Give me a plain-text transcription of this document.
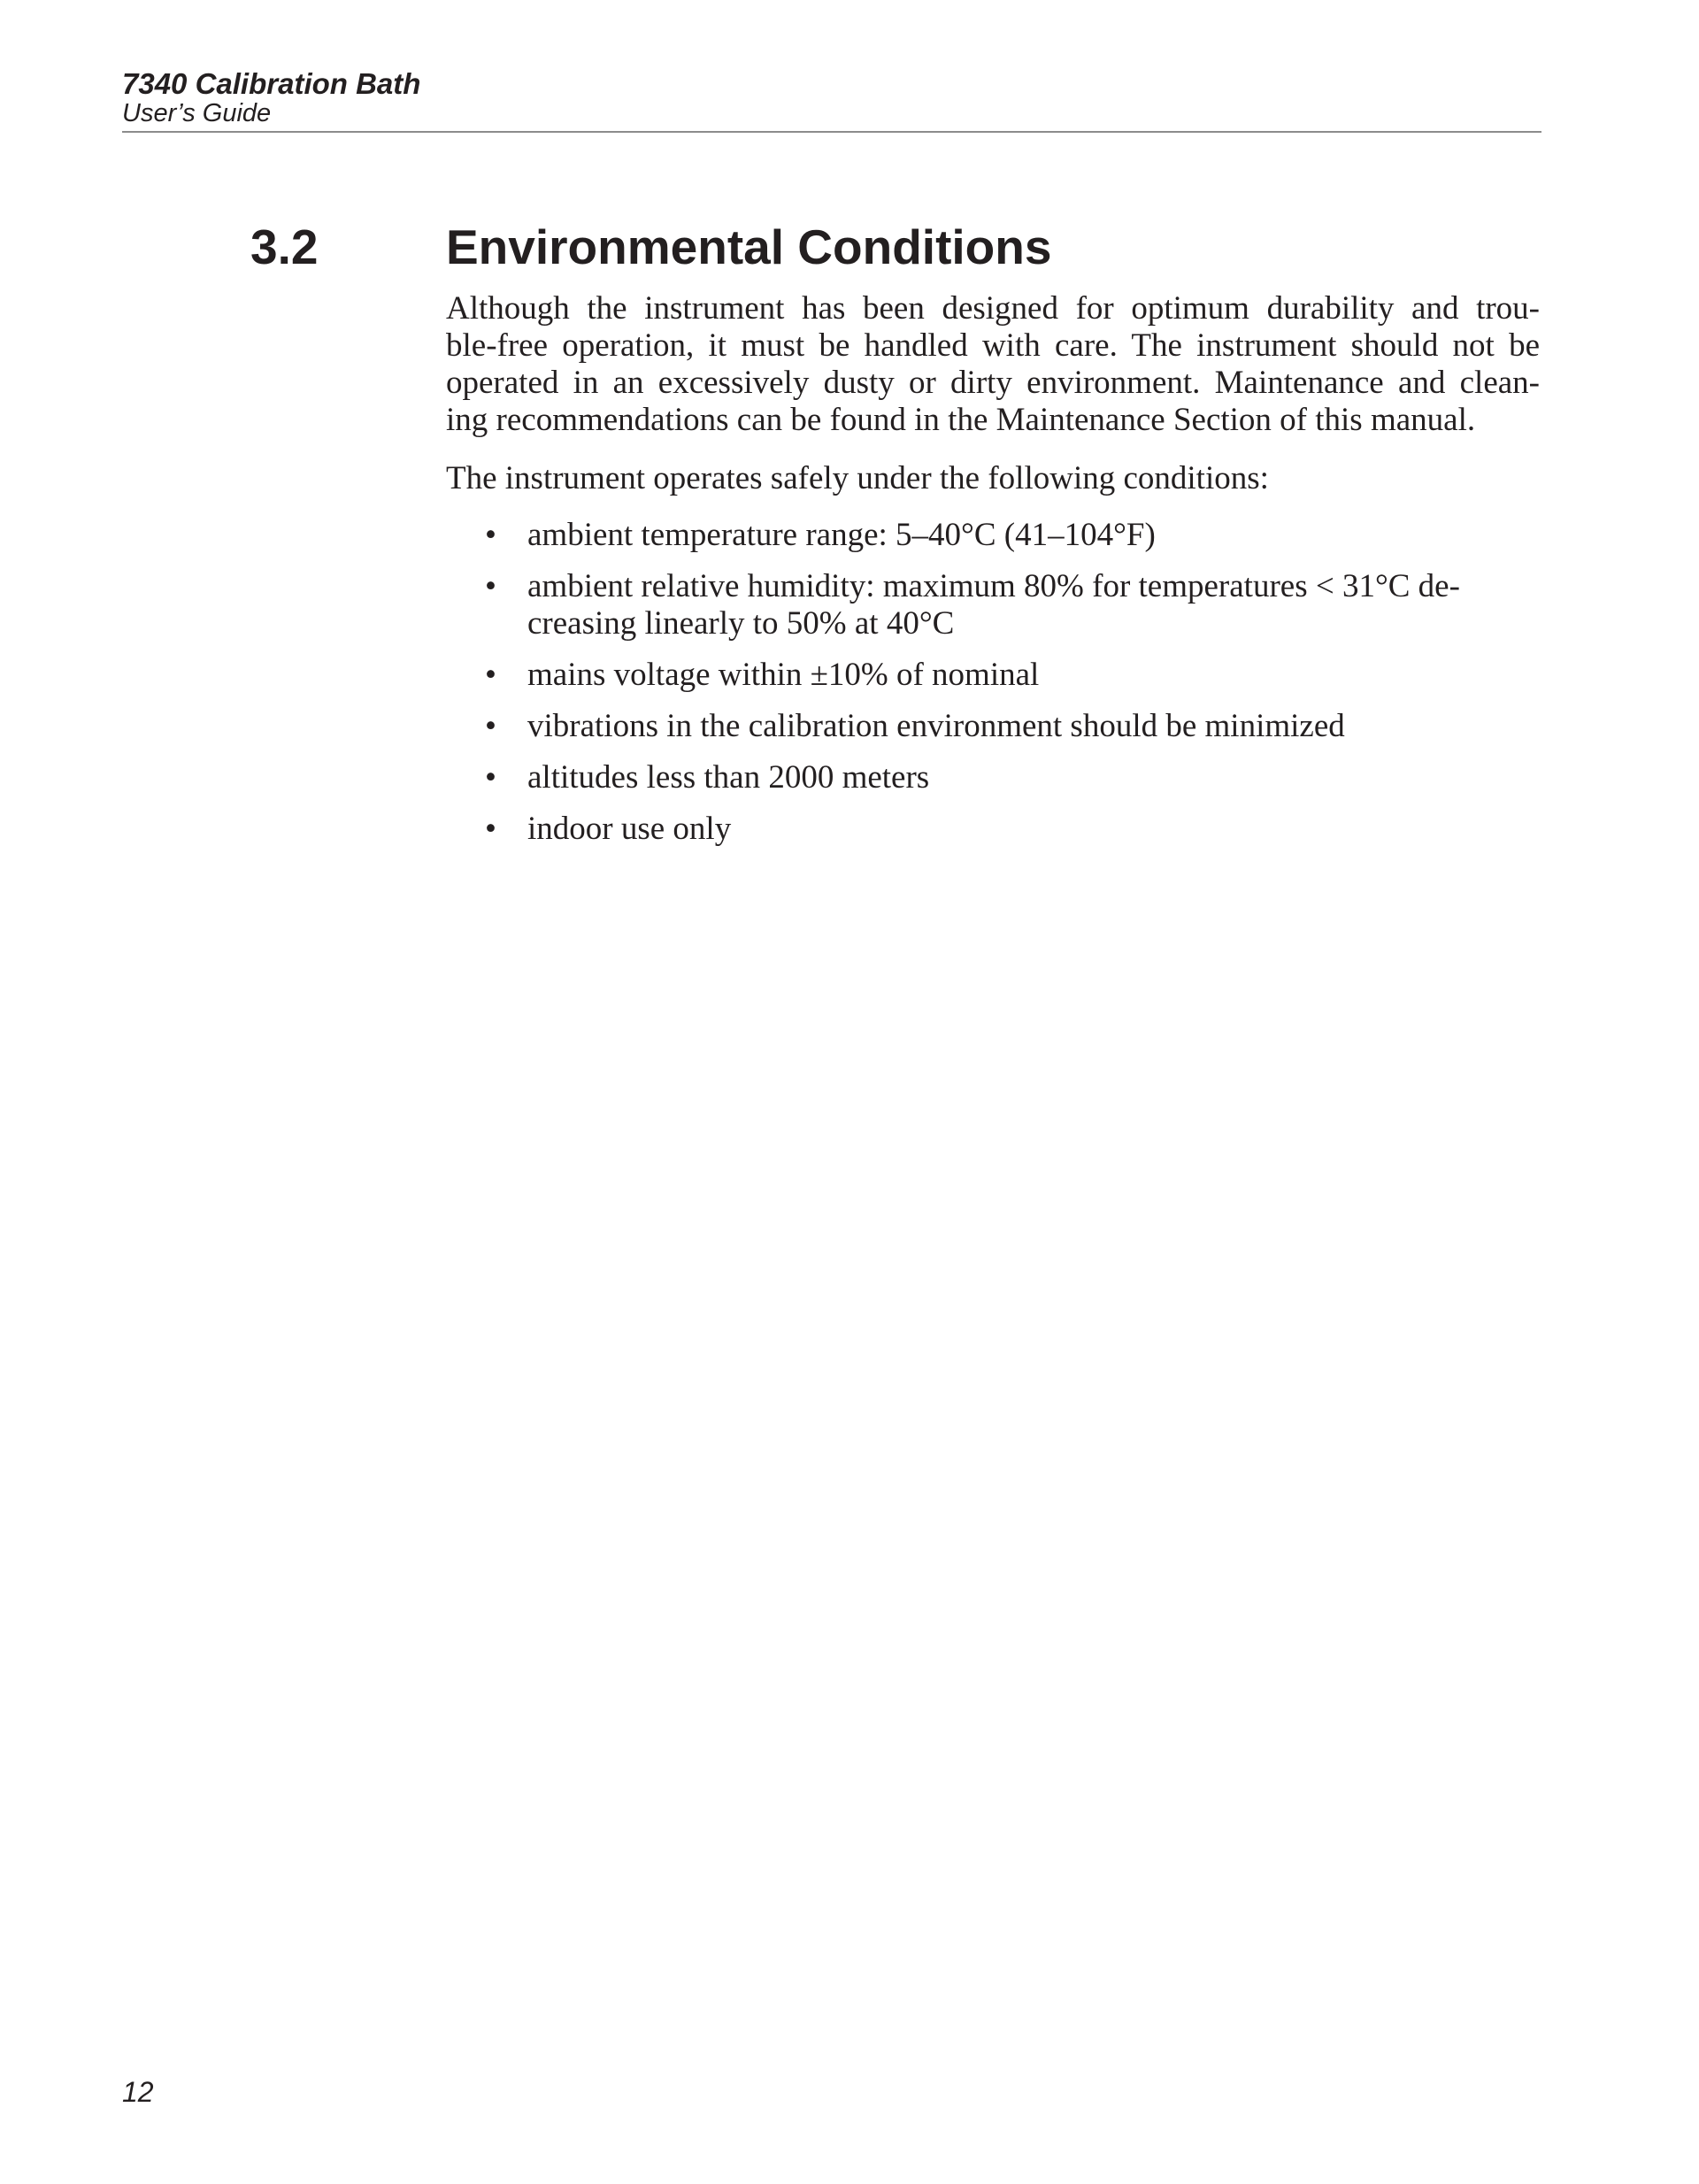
7340 Calibration Bath
User’s Guide
3.2	Environmental Conditions

Although the instrument has been designed for optimum durability and trou-
ble-free operation, it must be handled with care. The instrument should not be
operated in an excessively dusty or dirty environment. Maintenance and clean-
ing recommendations can be found in the Maintenance Section of this manual.

The instrument operates safely under the following conditions:

• ambient temperature range: 5–40°C (41–104°F)
• ambient relative humidity: maximum 80% for temperatures < 31°C de-
creasing linearly to 50% at 40°C
• mains voltage within ±10% of nominal
• vibrations in the calibration environment should be minimized
• altitudes less than 2000 meters
• indoor use only
12
